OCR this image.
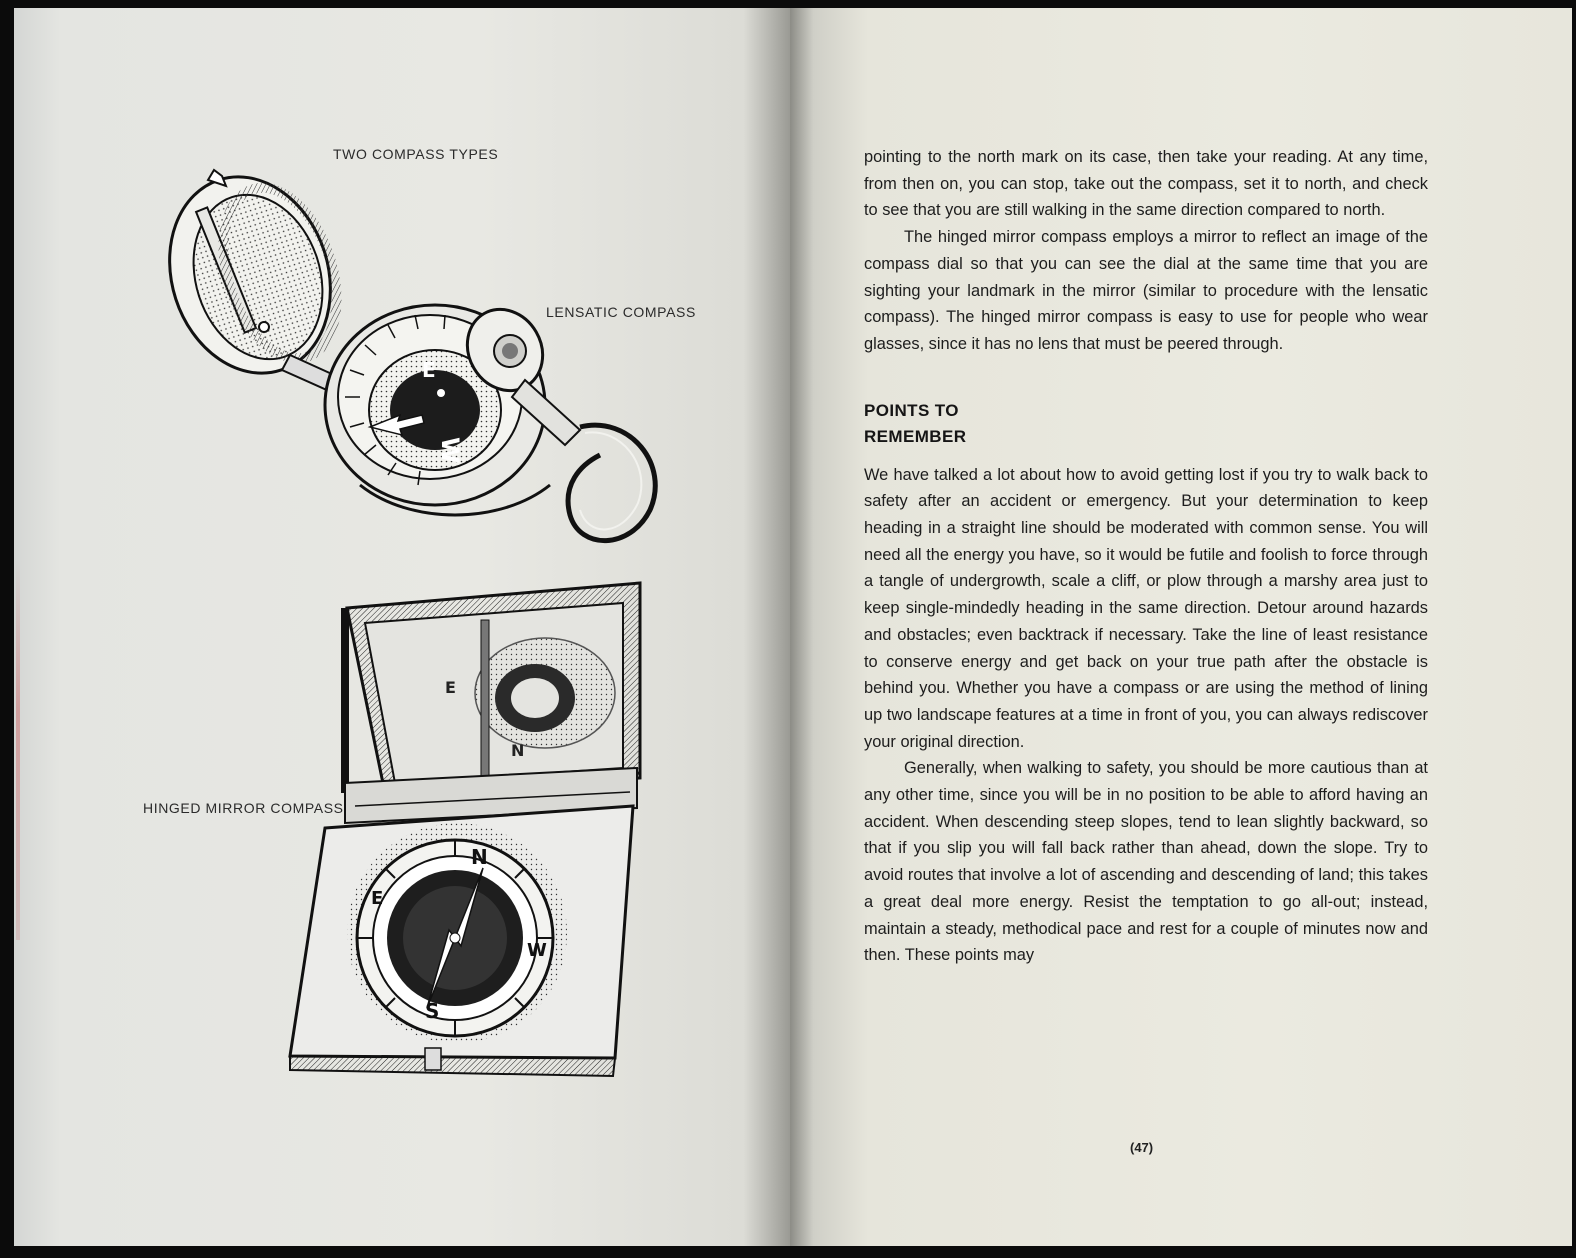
TWO COMPASS TYPES
LENSATIC COMPASS
HINGED MIRROR COMPASS
E
W
E
N
N
S
E
W

pointing to the north mark on its case, then take your reading. At any time, from then on, you can stop, take out the compass, set it to north, and check to see that you are still walking in the same direction compared to north.

The hinged mirror compass employs a mirror to reflect an image of the compass dial so that you can see the dial at the same time that you are sighting your landmark in the mirror (similar to procedure with the lensatic compass). The hinged mirror compass is easy to use for people who wear glasses, since it has no lens that must be peered through.

POINTS TO
REMEMBER

We have talked a lot about how to avoid getting lost if you try to walk back to safety after an accident or emergency. But your determination to keep heading in a straight line should be moderated with common sense. You will need all the energy you have, so it would be futile and foolish to force through a tangle of undergrowth, scale a cliff, or plow through a marshy area just to keep single-mindedly heading in the same direction. Detour around hazards and obstacles; even backtrack if necessary. Take the line of least resistance to conserve energy and get back on your true path after the obstacle is behind you. Whether you have a compass or are using the method of lining up two landscape features at a time in front of you, you can always rediscover your original direction.

Generally, when walking to safety, you should be more cautious than at any other time, since you will be in no position to be able to afford having an accident. When descending steep slopes, tend to lean slightly backward, so that if you slip you will fall back rather than ahead, down the slope. Try to avoid routes that involve a lot of ascending and descending of land; this takes a great deal more energy. Resist the temptation to go all-out; instead, maintain a steady, methodical pace and rest for a couple of minutes now and then. These points may

(47)
